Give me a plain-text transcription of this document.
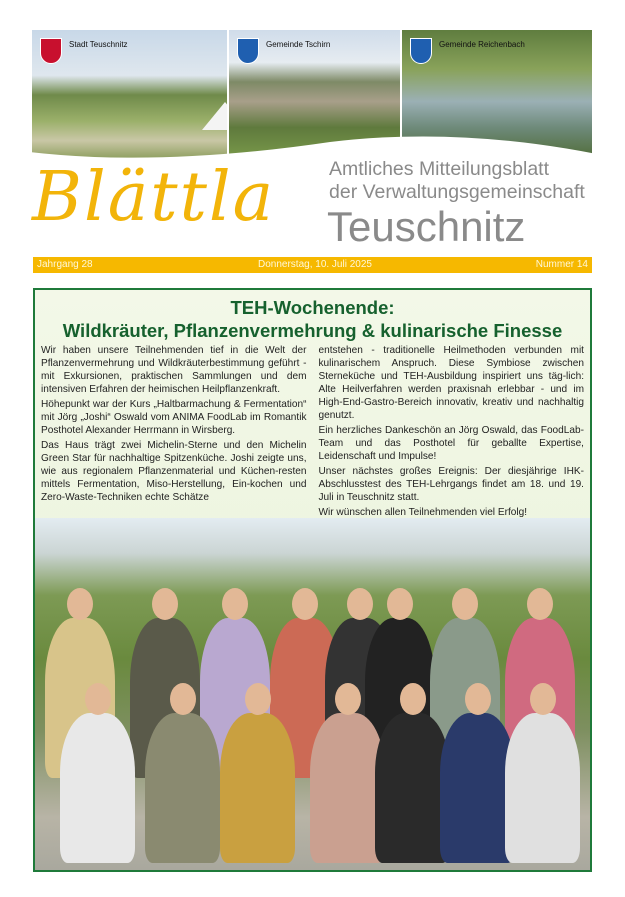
Stadt Teuschnitz	Gemeinde Tschirn	Gemeinde Reichenbach
Blättla	Amtliches Mitteilungsblatt
der Verwaltungsgemeinschaft
Teuschnitz
Jahrgang 28	Donnerstag, 10. Juli 2025	Nummer 14
TEH-Wochenende:
Wildkräuter, Pflanzenvermehrung & kulinarische Finesse

Wir haben unsere Teilnehmenden tief in die Welt der Pflanzenvermehrung und Wildkräuterbestimmung geführt - mit Exkursionen, praktischen Sammlungen und dem intensiven Erfahren der heimischen Heilpflanzenkraft.

Höhepunkt war der Kurs „Haltbarmachung & Fermentation“ mit Jörg „Joshi“ Oswald vom ANIMA FoodLab im Romantik Posthotel Alexander Herrmann in Wirsberg.

Das Haus trägt zwei Michelin-Sterne und den Michelin Green Star für nachhaltige Spitzenküche. Joshi zeigte uns, wie aus regionalem Pflanzenmaterial und Küchen-resten mittels Fermentation, Miso-Herstellung, Ein-kochen und Zero-Waste-Techniken echte Schätze

entstehen - traditionelle Heilmethoden verbunden mit kulinarischem Anspruch. Diese Symbiose zwischen Sterneküche und TEH-Ausbildung inspiriert uns täg-lich: Alte Heilverfahren werden praxisnah erlebbar - und im High-End-Gastro-Bereich innovativ, kreativ und nachhaltig genutzt.

Ein herzliches Dankeschön an Jörg Oswald, das FoodLab-Team und das Posthotel für geballte Expertise, Leidenschaft und Impulse!

Unser nächstes großes Ereignis: Der diesjährige IHK-Abschlusstest des TEH-Lehrgangs findet am 18. und 19. Juli in Teuschnitz statt.

Wir wünschen allen Teilnehmenden viel Erfolg!
